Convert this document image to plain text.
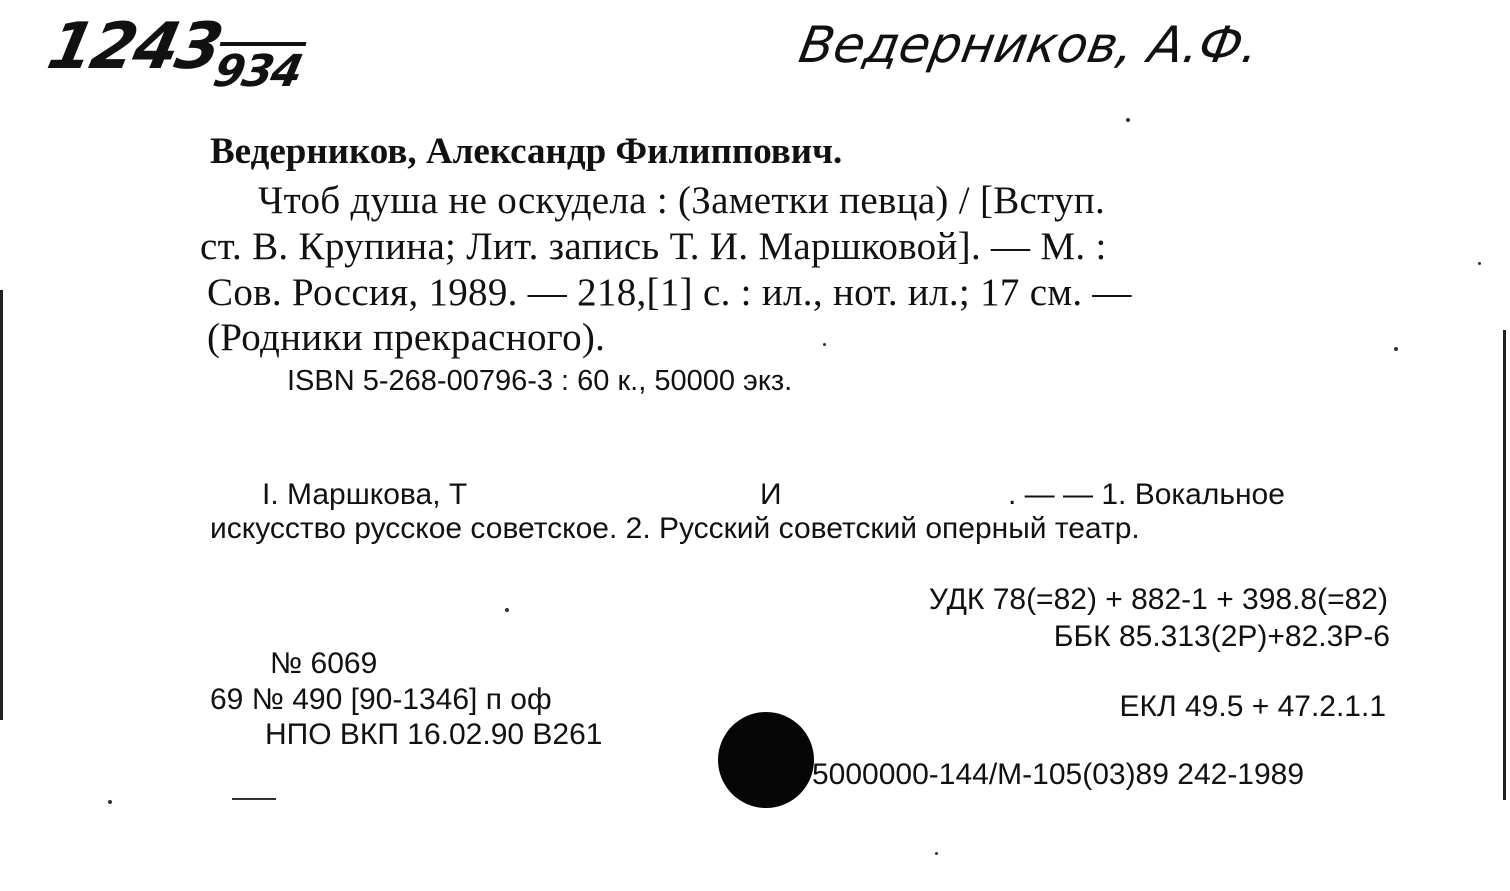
$1243_{934}$	Ведерников, А.Ф.
Ведерников, Александр Филиппович.
Чтоб душа не оскудела : (Заметки певца) / [Вступ.
ст. В. Крупина; Лит. запись Т. И. Маршковой]. — М. :
Сов. Россия, 1989. — 218,[1] с. : ил., нот. ил.; 17 см. —
(Родники прекрасного).
ISBN 5-268-00796-3 : 60 к., 50000 экз.
I. Маршкова, Т	И	. — — 1. Вокальное
искусство русское советское. 2. Русский советский оперный театр.
УДК 78(=82) + 882-1 + 398.8(=82)
ББК 85.313(2Р)+82.3Р-6
№ 6069
69 № 490 [90-1346] п оф
НПО ВКП 16.02.90 В261
ЕКЛ 49.5 + 47.2.1.1
5000000-144/М-105(03)89 242-1989
